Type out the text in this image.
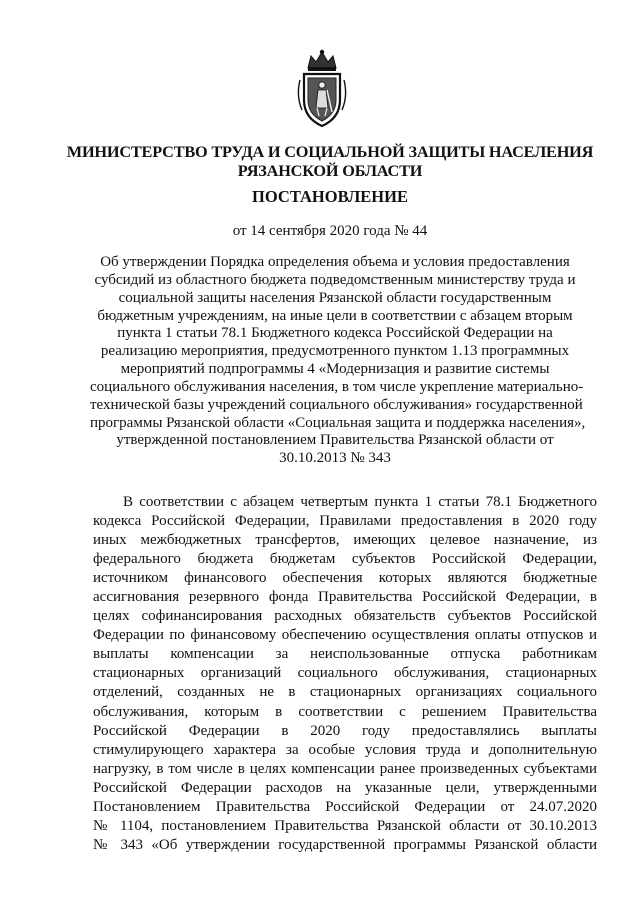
МИНИСТЕРСТВО ТРУДА И СОЦИАЛЬНОЙ ЗАЩИТЫ НАСЕЛЕНИЯ
РЯЗАНСКОЙ ОБЛАСТИ
ПОСТАНОВЛЕНИЕ
от 14 сентября 2020 года № 44
Об утверждении Порядка определения объема и условия предоставления
субсидий из областного бюджета подведомственным министерству труда и
социальной защиты населения Рязанской области государственным
бюджетным учреждениям, на иные цели в соответствии с абзацем вторым
пункта 1 статьи 78.1 Бюджетного кодекса Российской Федерации на
реализацию мероприятия, предусмотренного пунктом 1.13 программных
мероприятий подпрограммы 4 «Модернизация и развитие системы
социального обслуживания населения, в том числе укрепление материально-
технической базы учреждений социального обслуживания» государственной
программы Рязанской области «Социальная защита и поддержка населения»,
утвержденной постановлением Правительства Рязанской области от
30.10.2013 № 343
В соответствии с абзацем четвертым пункта 1 статьи 78.1 Бюджетного
кодекса Российской Федерации, Правилами предоставления в 2020 году
иных межбюджетных трансфертов, имеющих целевое назначение, из
федерального бюджета бюджетам субъектов Российской Федерации,
источником финансового обеспечения которых являются бюджетные
ассигнования резервного фонда Правительства Российской Федерации, в
целях софинансирования расходных обязательств субъектов Российской
Федерации по финансовому обеспечению осуществления оплаты отпусков и
выплаты компенсации за неиспользованные отпуска работникам
стационарных организаций социального обслуживания, стационарных
отделений, созданных не в стационарных организациях социального
обслуживания, которым в соответствии с решением Правительства
Российской Федерации в 2020 году предоставлялись выплаты
стимулирующего характера за особые условия труда и дополнительную
нагрузку, в том числе в целях компенсации ранее произведенных субъектами
Российской Федерации расходов на указанные цели, утвержденными
Постановлением Правительства Российской Федерации от 24.07.2020
№ 1104, постановлением Правительства Рязанской области от 30.10.2013
№ 343 «Об утверждении государственной программы Рязанской области
